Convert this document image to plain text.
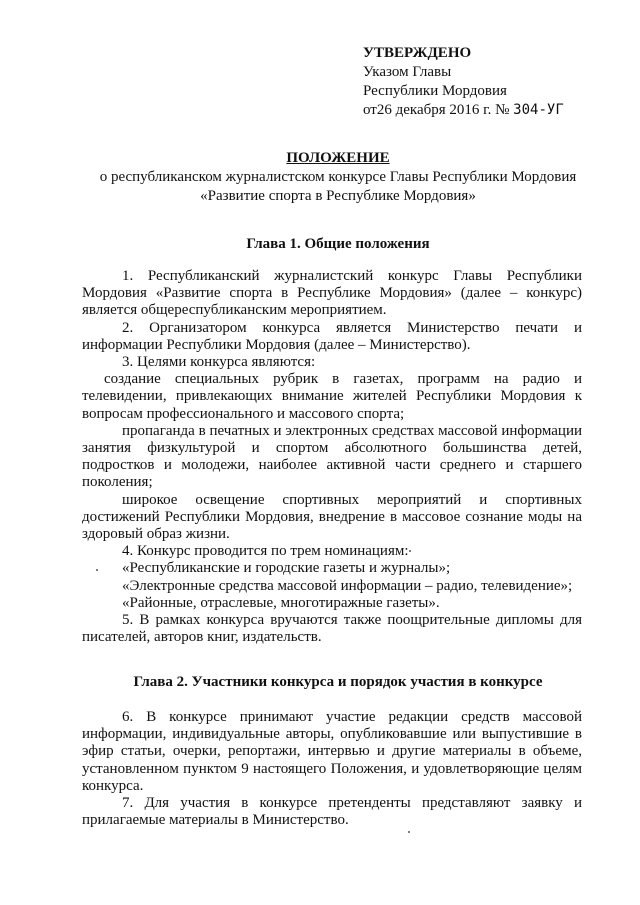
УТВЕРЖДЕНО
Указом Главы
Республики Мордовия
от26 декабря 2016 г. № 304-УГ
ПОЛОЖЕНИЕ
о республиканском журналистском конкурсе Главы Республики Мордовия
«Развитие спорта в Республике Мордовия»
Глава 1. Общие положения

1. Республиканский журналистский конкурс Главы Республики Мордовия «Развитие спорта в Республике Мордовия» (далее – конкурс) является общереспубликанским мероприятием.

2. Организатором конкурса является Министерство печати и информации Республики Мордовия (далее – Министерство).

3. Целями конкурса являются:

создание специальных рубрик в газетах, программ на радио и телевидении, привлекающих внимание жителей Республики Мордовия к вопросам профессионального и массового спорта;

пропаганда в печатных и электронных средствах массовой информации занятия физкультурой и спортом абсолютного большинства детей, подростков и молодежи, наиболее активной части среднего и старшего поколения;

широкое освещение спортивных мероприятий и спортивных достижений Республики Мордовия, внедрение в массовое сознание моды на здоровый образ жизни.

4. Конкурс проводится по трем номинациям:

«Республиканские и городские газеты и журналы»;

«Электронные средства массовой информации – радио, телевидение»;

«Районные, отраслевые, многотиражные газеты».

5. В рамках конкурса вручаются также поощрительные дипломы для писателей, авторов книг, издательств.

Глава 2. Участники конкурса и порядок участия в конкурсе

6. В конкурсе принимают участие редакции средств массовой информации, индивидуальные авторы, опубликовавшие или выпустившие в эфир статьи, очерки, репортажи, интервью и другие материалы в объеме, установленном пунктом 9 настоящего Положения, и удовлетворяющие целям конкурса.

7. Для участия в конкурсе претенденты представляют заявку и прилагаемые материалы в Министерство.
